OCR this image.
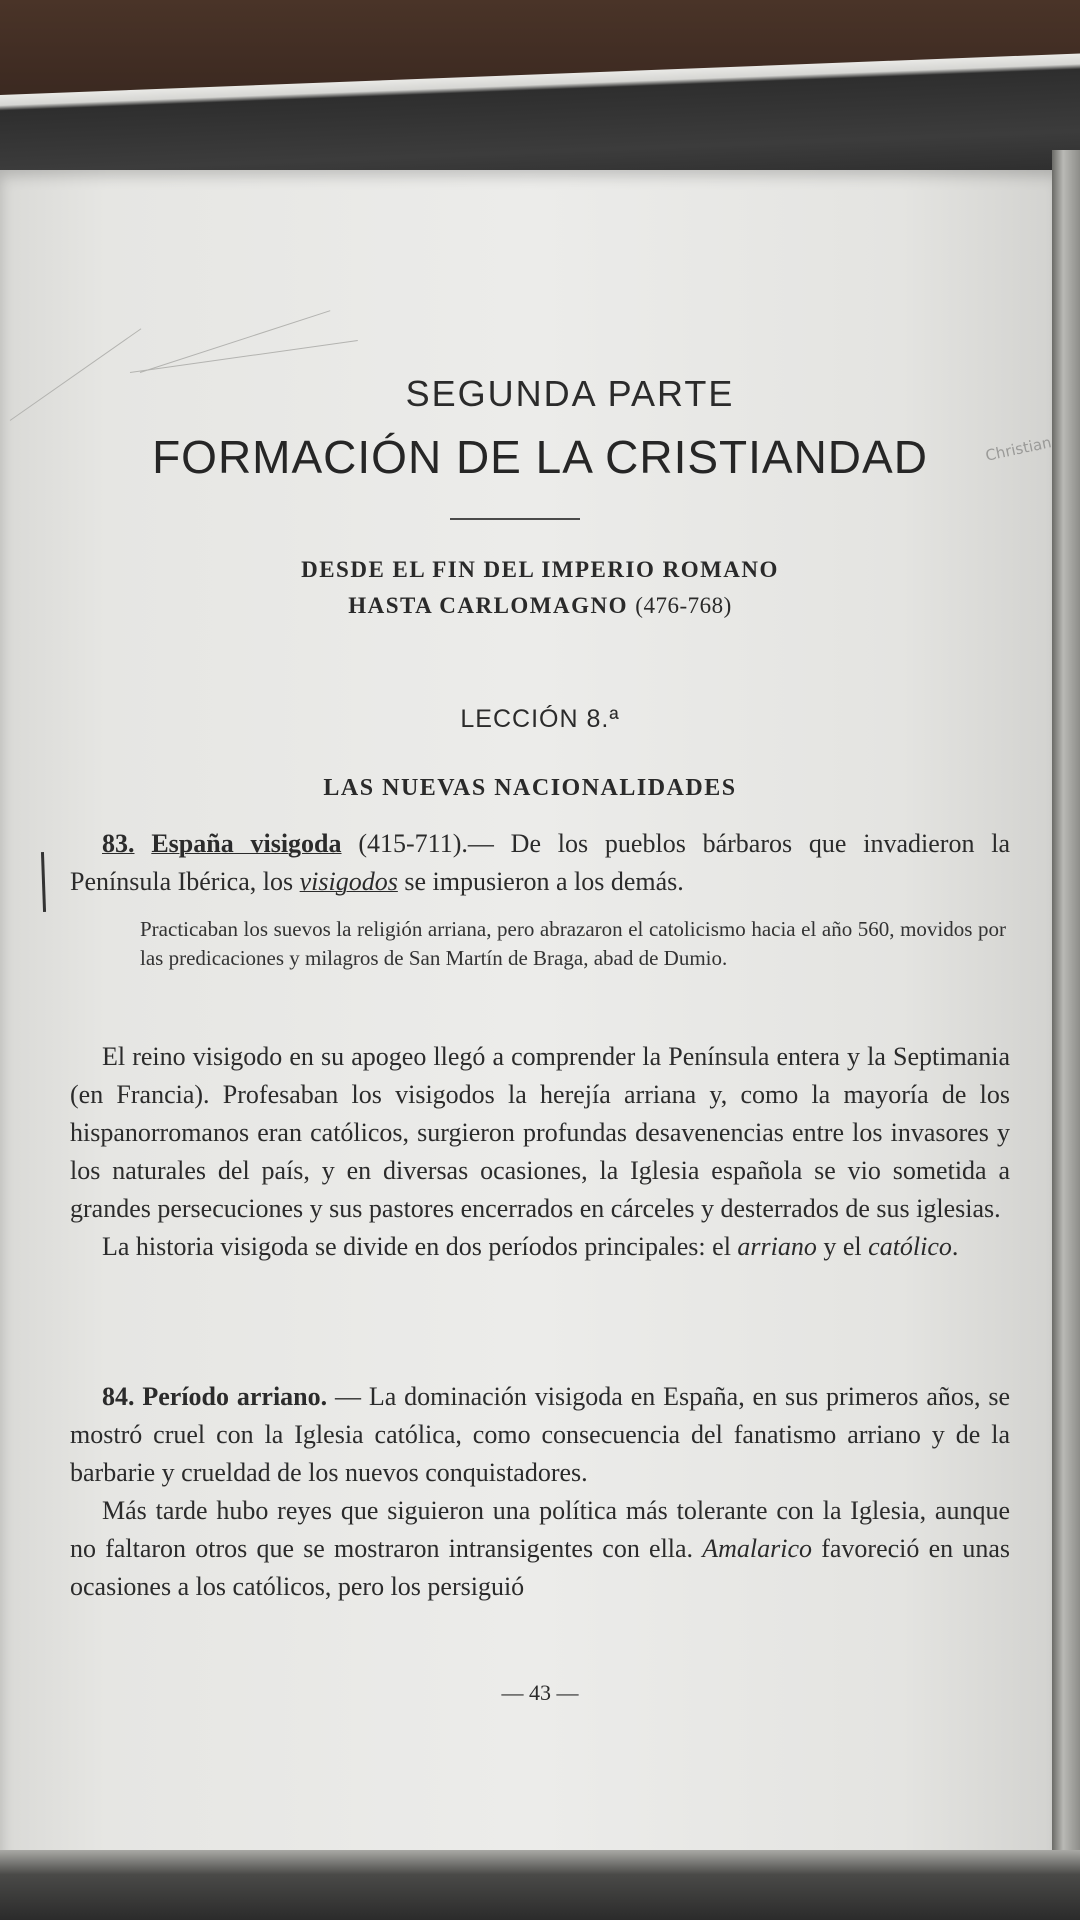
Christian
SEGUNDA PARTE
FORMACIÓN DE LA CRISTIANDAD
DESDE EL FIN DEL IMPERIO ROMANO
HASTA CARLOMAGNO (476-768)
LECCIÓN 8.ª
LAS NUEVAS NACIONALIDADES

83. España visigoda (415-711).— De los pueblos bárbaros que invadieron la Península Ibérica, los visigodos se impusieron a los demás.

Practicaban los suevos la religión arriana, pero abrazaron el catolicismo hacia el año 560, movidos por las predicaciones y milagros de San Martín de Braga, abad de Dumio.

El reino visigodo en su apogeo llegó a comprender la Península entera y la Septimania (en Francia). Profesaban los visigodos la herejía arriana y, como la mayoría de los hispanorromanos eran católicos, surgieron profundas desavenencias entre los invasores y los naturales del país, y en diversas ocasiones, la Iglesia española se vio sometida a grandes persecuciones y sus pastores encerrados en cárceles y desterrados de sus iglesias.

La historia visigoda se divide en dos períodos principales: el arriano y el católico.

84. Período arriano. — La dominación visigoda en España, en sus primeros años, se mostró cruel con la Iglesia católica, como consecuencia del fanatismo arriano y de la barbarie y crueldad de los nuevos conquistadores.

Más tarde hubo reyes que siguieron una política más tolerante con la Iglesia, aunque no faltaron otros que se mostraron intransigentes con ella. Amalarico favoreció en unas ocasiones a los católicos, pero los persiguió

— 43 —
